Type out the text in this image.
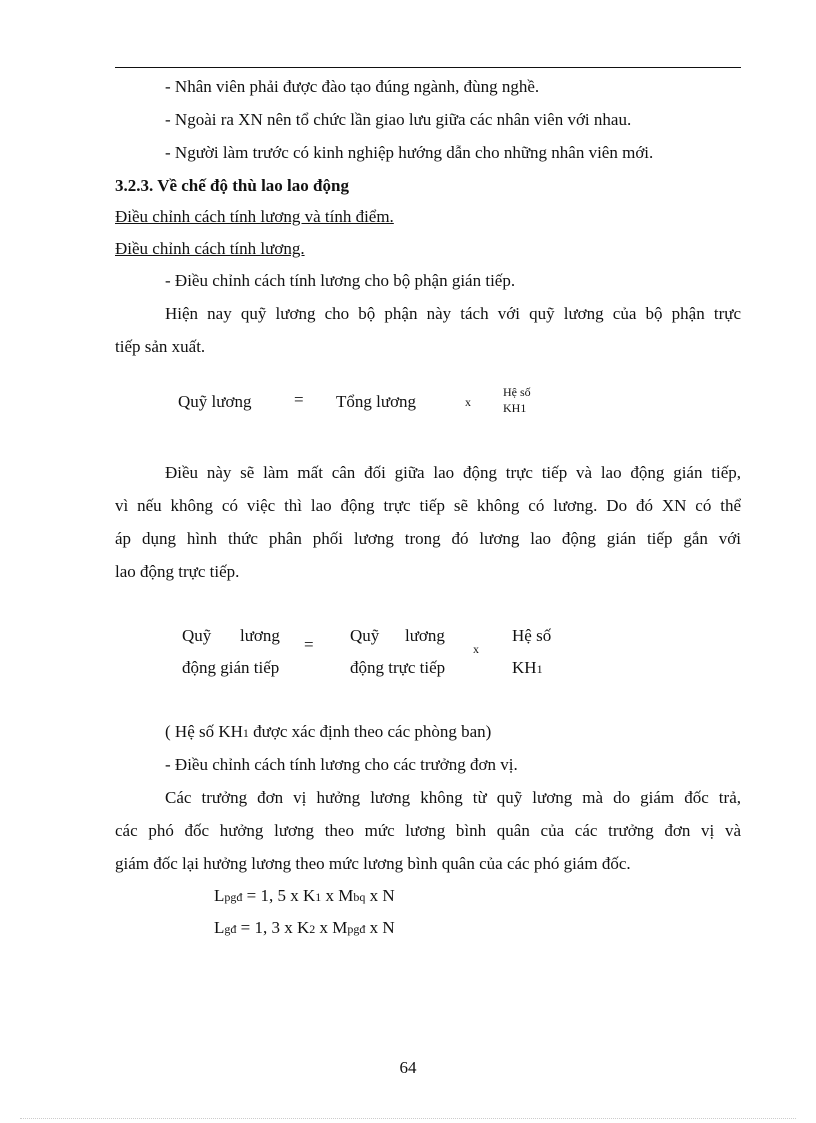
- Nhân viên phải được đào tạo đúng ngành, đùng nghề.
- Ngoài ra XN nên tổ chức lần giao lưu giữa các nhân viên với nhau.
- Người làm trước có kinh nghiệp hướng dẫn cho những nhân viên mới.
3.2.3. Về chế độ thù lao lao động
Điều chỉnh cách tính lương và tính điểm.
Điều chỉnh cách tính lương.
- Điều chỉnh cách tính lương cho bộ phận gián tiếp.
Hiện nay quỹ lương cho bộ phận này tách với quỹ lương của bộ phận trực
tiếp sản xuất.
Quỹ lương	= Tổng lương	x
Hệ số
KH1
Điều này sẽ làm mất cân đối giữa lao động trực tiếp và lao động gián tiếp,
vì nếu không có việc thì lao động trực tiếp sẽ không có lương. Do đó XN có thể
áp dụng hình thức phân phối lương trong đó lương lao động gián tiếp gắn với
lao động trực tiếp.
Quỹ lương
động gián tiếp
= Quỹ lương
động trực tiếp
x
Hệ số
KH1
( Hệ số KH1 được xác định theo các phòng ban)
- Điều chỉnh cách tính lương cho các trưởng đơn vị.
Các trưởng đơn vị hưởng lương không từ quỹ lương mà do giám đốc trả,
các phó đốc hưởng lương theo mức lương bình quân của các trưởng đơn vị và
giám đốc lại hưởng lương theo mức lương bình quân của các phó giám đốc.
Lpgđ = 1, 5 x K1 x Mbq x N
Lgđ = 1, 3 x K2 x Mpgđ x N
64
